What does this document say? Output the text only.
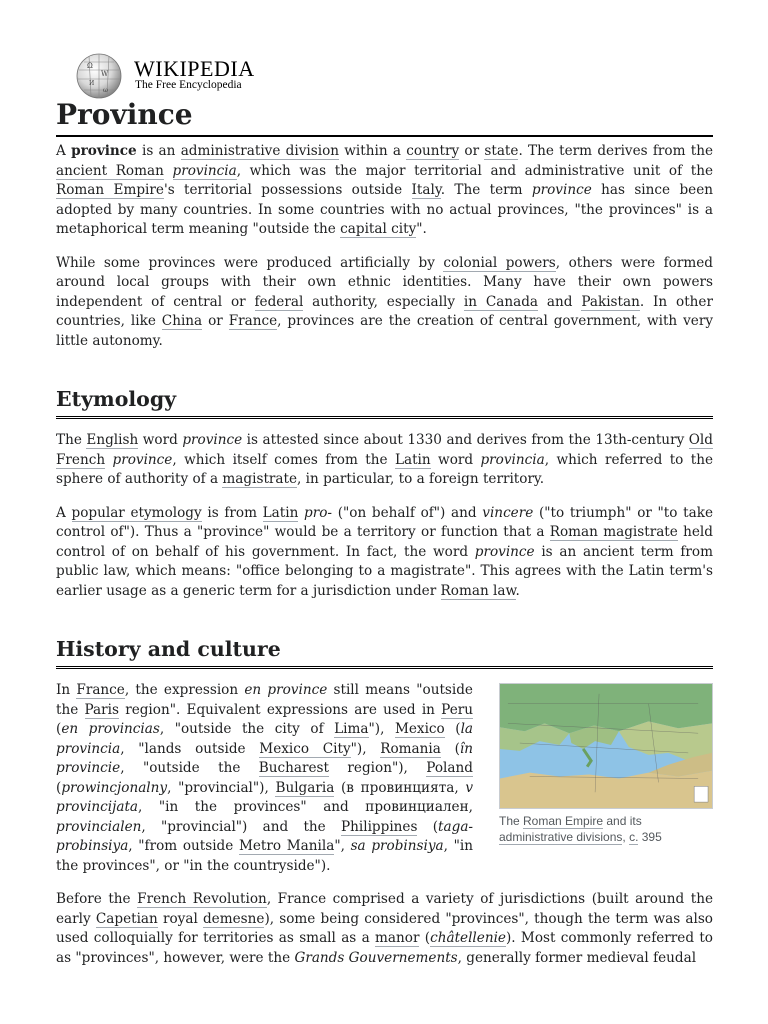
Ω
W
И
ω
WIKIPEDIA
The Free Encyclopedia
Province

A province is an administrative division within a country or state. The term derives from the ancient Roman provincia, which was the major territorial and administrative unit of the Roman Empire's territorial possessions outside Italy. The term province has since been adopted by many countries. In some countries with no actual provinces, "the provinces" is a metaphorical term meaning "outside the capital city".

While some provinces were produced artificially by colonial powers, others were formed around local groups with their own ethnic identities. Many have their own powers independent of central or federal authority, especially in Canada and Pakistan. In other countries, like China or France, provinces are the creation of central government, with very little autonomy.

Etymology

The English word province is attested since about 1330 and derives from the 13th-century Old French province, which itself comes from the Latin word provincia, which referred to the sphere of authority of a magistrate, in particular, to a foreign territory.

A popular etymology is from Latin pro- ("on behalf of") and vincere ("to triumph" or "to take control of"). Thus a "province" would be a territory or function that a Roman magistrate held control of on behalf of his government. In fact, the word province is an ancient term from public law, which means: "office belonging to a magistrate". This agrees with the Latin term's earlier usage as a generic term for a jurisdiction under Roman law.

History and culture
The Roman Empire and its administrative divisions, c. 395

In France, the expression en province still means "outside the Paris region". Equivalent expressions are used in Peru (en provincias, "outside the city of Lima"), Mexico (la provincia, "lands outside Mexico City"), Romania (în provincie, "outside the Bucharest region"), Poland (prowincjonalny, "provincial"), Bulgaria (в провинцията, v provincijata, "in the provinces" and провинциален, provincialen, "provincial") and the Philippines (taga-probinsiya, "from outside Metro Manila", sa probinsiya, "in the provinces", or "in the countryside").

Before the French Revolution, France comprised a variety of jurisdictions (built around the early Capetian royal demesne), some being considered "provinces", though the term was also used colloquially for territories as small as a manor (châtellenie). Most commonly referred to as "provinces", however, were the Grands Gouvernements, generally former medieval feudal
